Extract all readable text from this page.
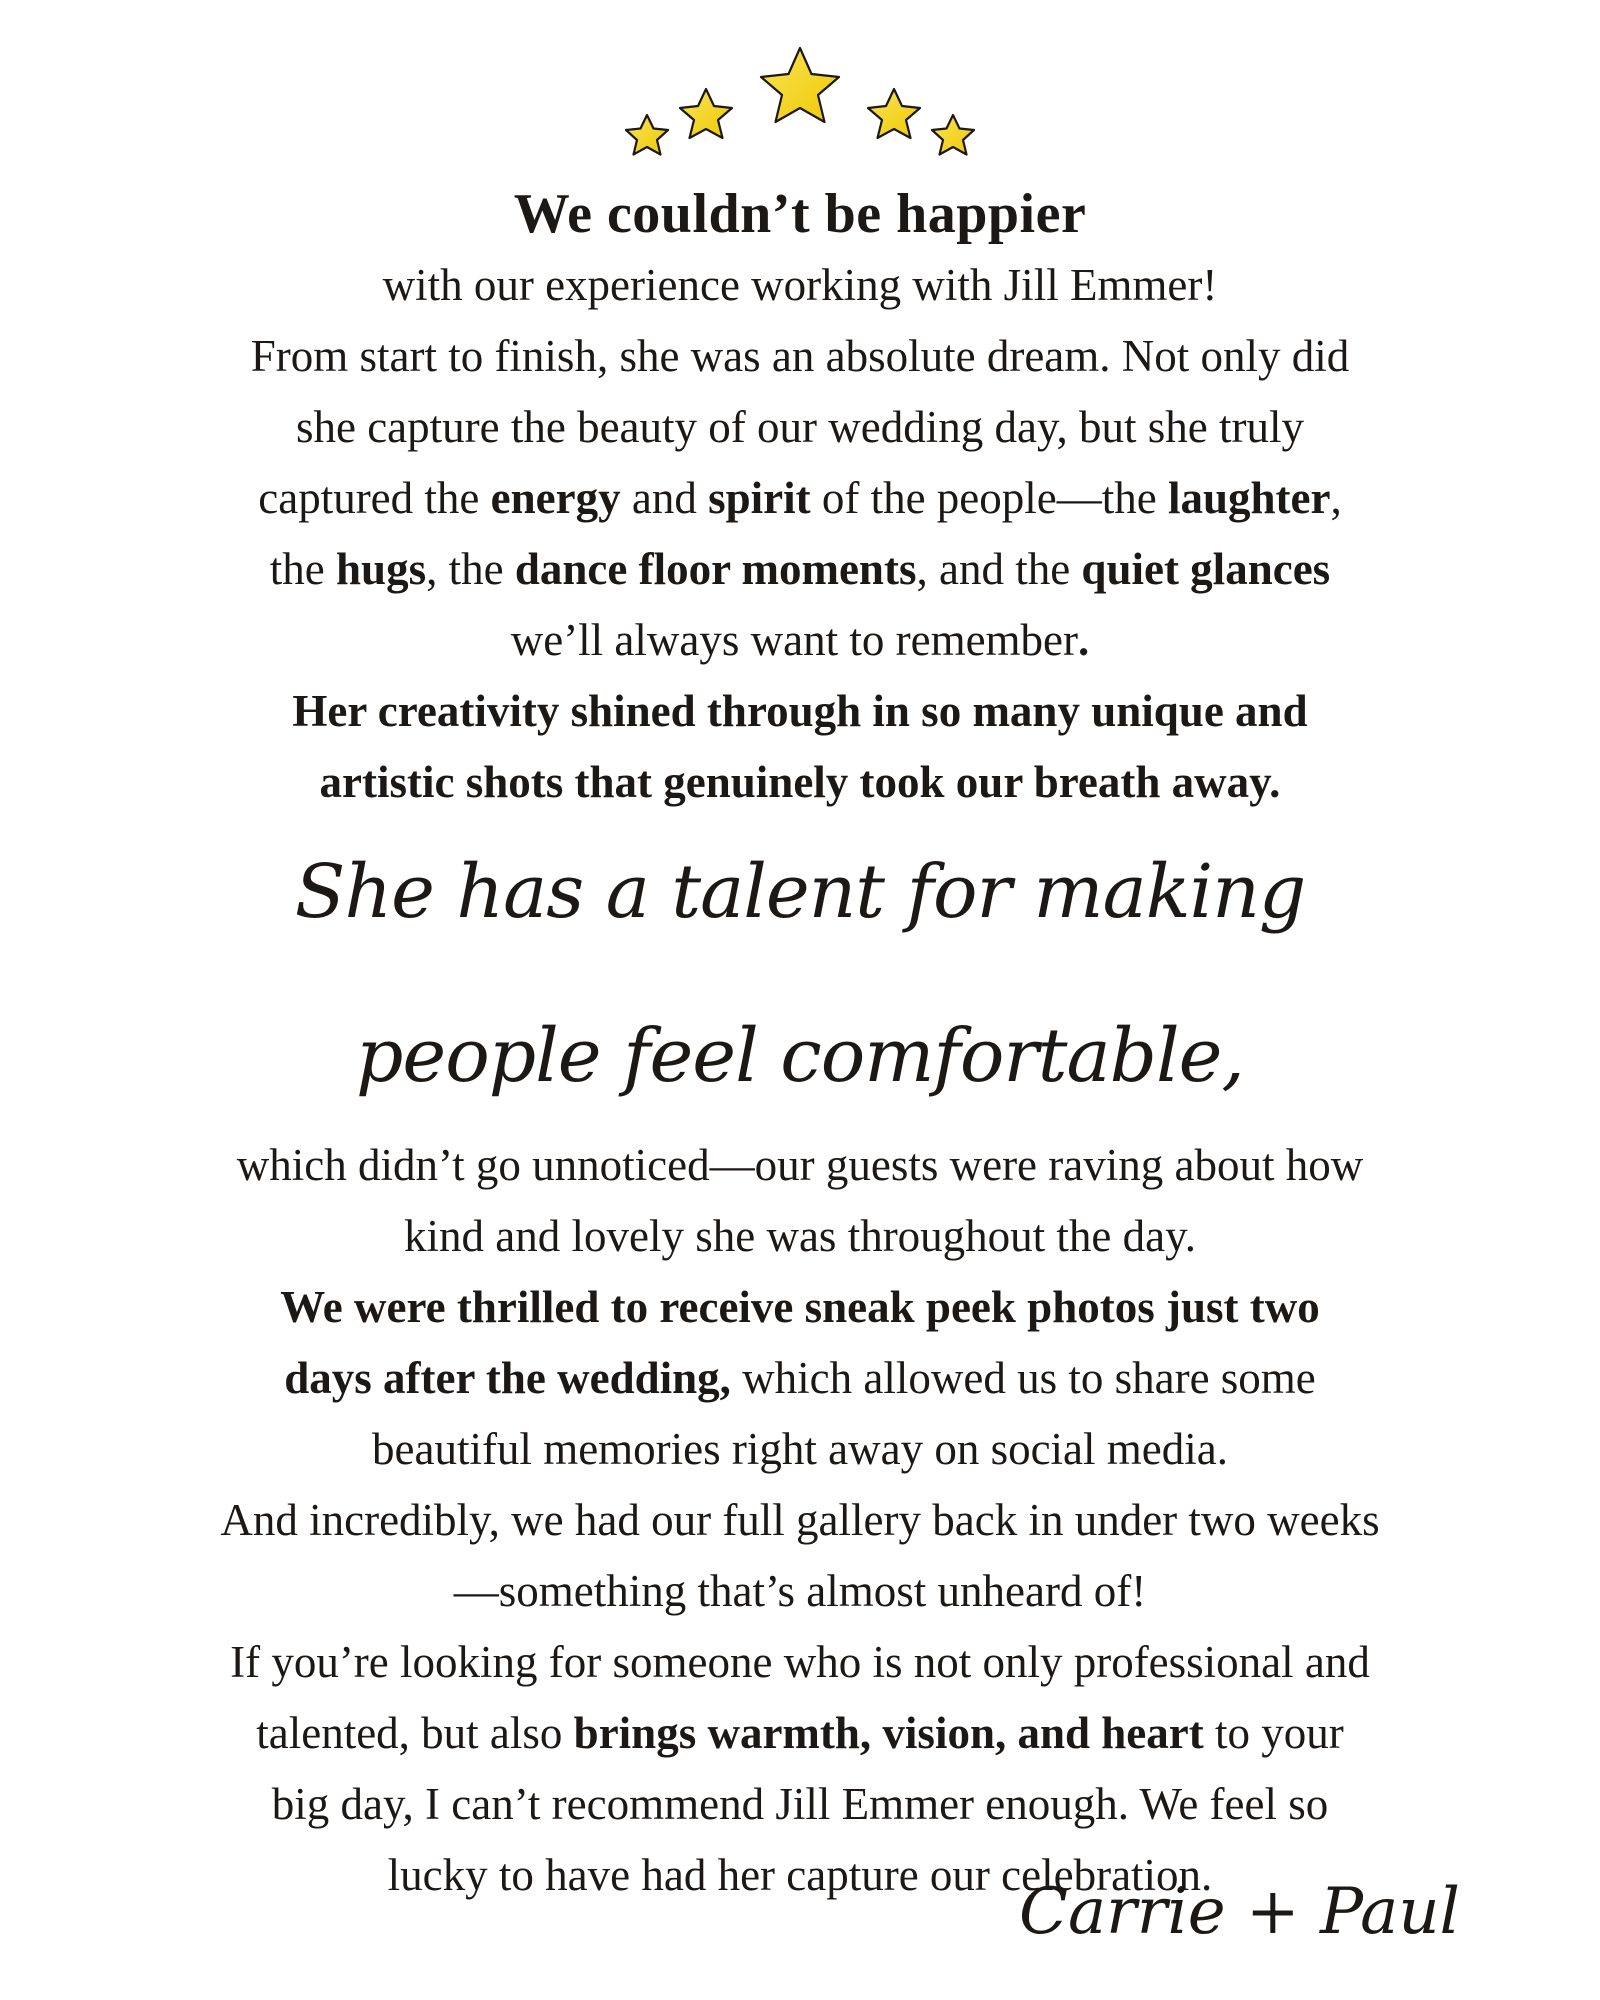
We couldn’t be happier

with our experience working with Jill Emmer!

From start to finish, she was an absolute dream. Not only did

she capture the beauty of our wedding day, but she truly

captured the energy and spirit of the people—the laughter,

the hugs, the dance floor moments, and the quiet glances

we’ll always want to remember.

Her creativity shined through in so many unique and

artistic shots that genuinely took our breath away.

She has a talent for making

people feel comfortable,

which didn’t go unnoticed—our guests were raving about how

kind and lovely she was throughout the day.

We were thrilled to receive sneak peek photos just two

days after the wedding, which allowed us to share some

beautiful memories right away on social media.

And incredibly, we had our full gallery back in under two weeks

—something that’s almost unheard of!

If you’re looking for someone who is not only professional and

talented, but also brings warmth, vision, and heart to your

big day, I can’t recommend Jill Emmer enough. We feel so

lucky to have had her capture our celebration.

Carrie + Paul
